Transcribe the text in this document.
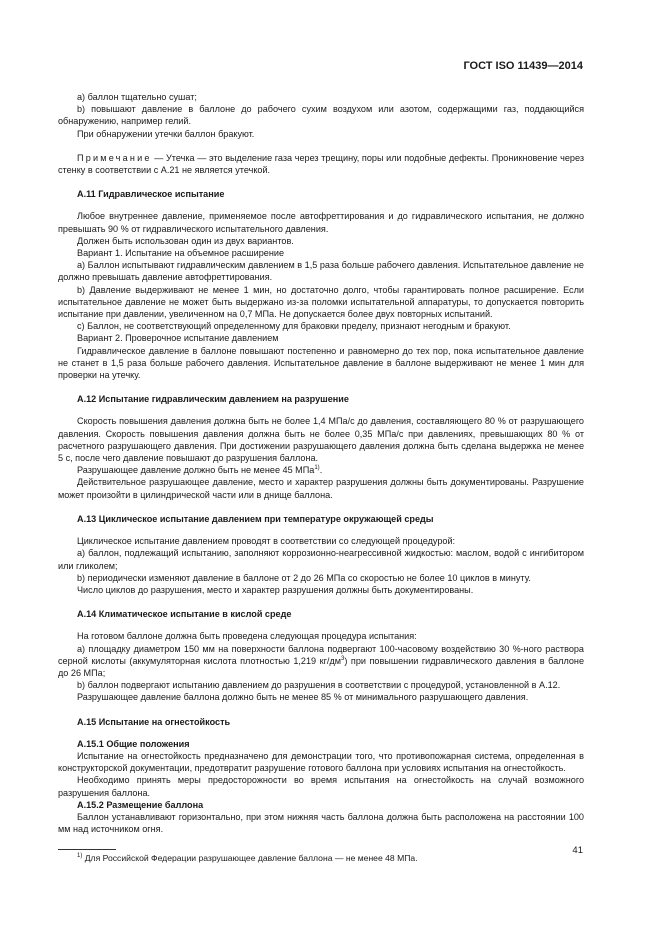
ГОСТ ISO 11439—2014

а) баллон тщательно сушат;

b) повышают давление в баллоне до рабочего сухим воздухом или азотом, содержащими газ, поддающийся обнаружению, например гелий.

При обнаружении утечки баллон бракуют.

Примечание — Утечка — это выделение газа через трещину, поры или подобные дефекты. Проникновение через стенку в соответствии с А.21 не является утечкой.

А.11 Гидравлическое испытание

Любое внутреннее давление, применяемое после автофреттирования и до гидравлического испытания, не должно превышать 90 % от гидравлического испытательного давления.

Должен быть использован один из двух вариантов.

Вариант 1. Испытание на объемное расширение

а) Баллон испытывают гидравлическим давлением в 1,5 раза больше рабочего давления. Испытательное давление не должно превышать давление автофреттирования.

b) Давление выдерживают не менее 1 мин, но достаточно долго, чтобы гарантировать полное расширение. Если испытательное давление не может быть выдержано из-за поломки испытательной аппаратуры, то допускается повторить испытание при давлении, увеличенном на 0,7 МПа. Не допускается более двух повторных испытаний.

с) Баллон, не соответствующий определенному для браковки пределу, признают негодным и бракуют.

Вариант 2. Проверочное испытание давлением

Гидравлическое давление в баллоне повышают постепенно и равномерно до тех пор, пока испытательное давление не станет в 1,5 раза больше рабочего давления. Испытательное давление в баллоне выдерживают не менее 1 мин для проверки на утечку.

А.12 Испытание гидравлическим давлением на разрушение

Скорость повышения давления должна быть не более 1,4 МПа/с до давления, составляющего 80 % от разрушающего давления. Скорость повышения давления должна быть не более 0,35 МПа/с при давлениях, превышающих 80 % от расчетного разрушающего давления. При достижении разрушающего давления должна быть сделана выдержка не менее 5 с, после чего давление повышают до разрушения баллона.

Разрушающее давление должно быть не менее 45 МПа$^{1)}$.

Действительное разрушающее давление, место и характер разрушения должны быть документированы. Разрушение может произойти в цилиндрической части или в днище баллона.

А.13 Циклическое испытание давлением при температуре окружающей среды

Циклическое испытание давлением проводят в соответствии со следующей процедурой:

а) баллон, подлежащий испытанию, заполняют коррозионно-неагрессивной жидкостью: маслом, водой с ингибитором или гликолем;

b) периодически изменяют давление в баллоне от 2 до 26 МПа со скоростью не более 10 циклов в минуту.

Число циклов до разрушения, место и характер разрушения должны быть документированы.

А.14 Климатическое испытание в кислой среде

На готовом баллоне должна быть проведена следующая процедура испытания:

а) площадку диаметром 150 мм на поверхности баллона подвергают 100-часовому воздействию 30 %-ного раствора серной кислоты (аккумуляторная кислота плотностью 1,219 $кг/дм^3$) при повышении гидравлического давления в баллоне до 26 МПа;

b) баллон подвергают испытанию давлением до разрушения в соответствии с процедурой, установленной в А.12.

Разрушающее давление баллона должно быть не менее 85 % от минимального разрушающего давления.

А.15 Испытание на огнестойкость
А.15.1 Общие положения

Испытание на огнестойкость предназначено для демонстрации того, что противопожарная система, определенная в конструкторской документации, предотвратит разрушение готового баллона при условиях испытания на огнестойкость.

Необходимо принять меры предосторожности во время испытания на огнестойкость на случай возможного разрушения баллона.

А.15.2 Размещение баллона

Баллон устанавливают горизонтально, при этом нижняя часть баллона должна быть расположена на расстоянии 100 мм над источником огня.

$^{1)}$ Для Российской Федерации разрушающее давление баллона — не менее 48 МПа.

41
